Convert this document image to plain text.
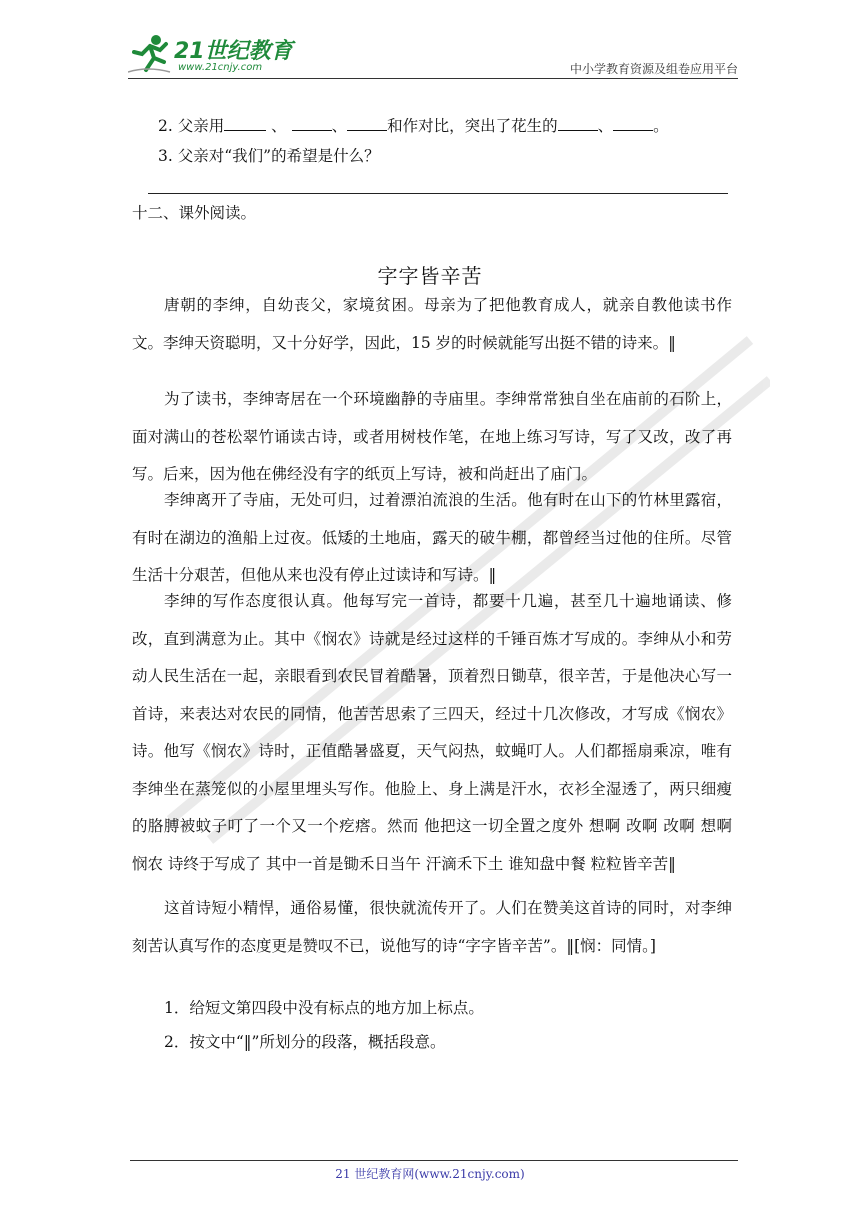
21世纪教育
www.21cnjy.com	中小学教育资源及组卷应用平台
2. 父亲用	、	、	和作对比，突出了花生的	、	。
3. 父亲对“我们”的希望是什么？
十二、课外阅读。
字字皆辛苦
唐朝的李绅，自幼丧父，家境贫困。母亲为了把他教育成人，就亲自教他读书作文。李绅天资聪明，又十分好学，因此，15 岁的时候就能写出挺不错的诗来。‖
为了读书，李绅寄居在一个环境幽静的寺庙里。李绅常常独自坐在庙前的石阶上，面对满山的苍松翠竹诵读古诗，或者用树枝作笔，在地上练习写诗，写了又改，改了再写。后来，因为他在佛经没有字的纸页上写诗，被和尚赶出了庙门。
李绅离开了寺庙，无处可归，过着漂泊流浪的生活。他有时在山下的竹林里露宿，有时在湖边的渔船上过夜。低矮的土地庙，露天的破牛棚，都曾经当过他的住所。尽管生活十分艰苦，但他从来也没有停止过读诗和写诗。‖
李绅的写作态度很认真。他每写完一首诗，都要十几遍，甚至几十遍地诵读、修改，直到满意为止。其中《悯农》诗就是经过这样的千锤百炼才写成的。李绅从小和劳动人民生活在一起，亲眼看到农民冒着酷暑，顶着烈日锄草，很辛苦，于是他决心写一首诗，来表达对农民的同情，他苦苦思索了三四天，经过十几次修改，才写成《悯农》诗。他写《悯农》诗时，正值酷暑盛夏，天气闷热，蚊蝇叮人。人们都摇扇乘凉，唯有李绅坐在蒸笼似的小屋里埋头写作。他脸上、身上满是汗水，衣衫全湿透了，两只细瘦的胳膊被蚊子叮了一个又一个疙瘩。然而 他把这一切全置之度外 想啊 改啊 改啊 想啊 悯农 诗终于写成了 其中一首是锄禾日当午 汗滴禾下土 谁知盘中餐 粒粒皆辛苦‖
这首诗短小精悍，通俗易懂，很快就流传开了。人们在赞美这首诗的同时，对李绅刻苦认真写作的态度更是赞叹不已，说他写的诗“字字皆辛苦”。‖[悯：同情。]
1．给短文第四段中没有标点的地方加上标点。
2．按文中“‖”所划分的段落，概括段意。
21 世纪教育网(www.21cnjy.com)
